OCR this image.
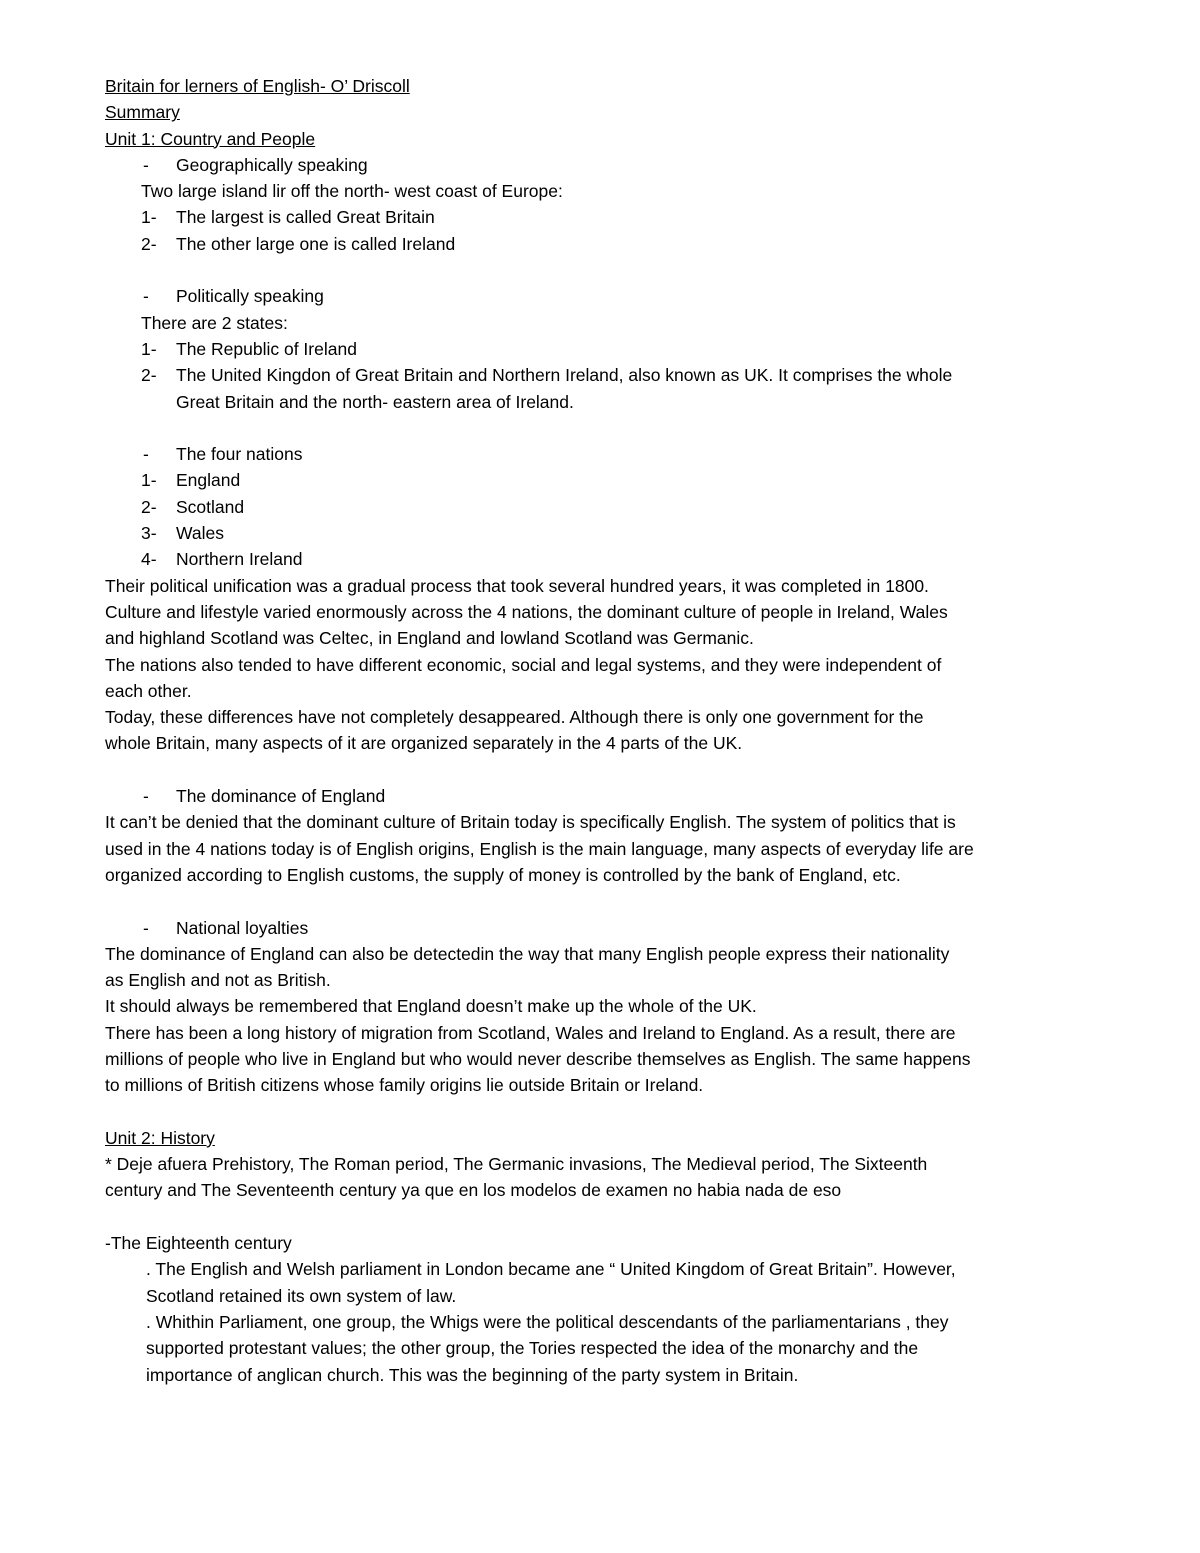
Britain for lerners of English- O’ Driscoll
Summary
Unit 1: Country and People
- Geographically speaking
Two large island lir off the north- west coast of Europe:
1- The largest is called Great Britain
2- The other large one is called Ireland
- Politically speaking
There are 2 states:
1- The Republic of Ireland
2- The United Kingdon of Great Britain and Northern Ireland, also known as UK. It comprises the whole
Great Britain and the north- eastern area of Ireland.
- The four nations
1- England
2- Scotland
3- Wales
4- Northern Ireland
Their political unification was a gradual process that took several hundred years, it was completed in 1800.
Culture and lifestyle varied enormously across the 4 nations, the dominant culture of people in Ireland, Wales
and highland Scotland was Celtec, in England and lowland Scotland was Germanic.
The nations also tended to have different economic, social and legal systems, and they were independent of
each other.
Today, these differences have not completely desappeared. Although there is only one government for the
whole Britain, many aspects of it are organized separately in the 4 parts of the UK.
- The dominance of England
It can’t be denied that the dominant culture of Britain today is specifically English. The system of politics that is
used in the 4 nations today is of English origins, English is the main language, many aspects of everyday life are
organized according to English customs, the supply of money is controlled by the bank of England, etc.
- National loyalties
The dominance of England can also be detectedin the way that many English people express their nationality
as English and not as British.
It should always be remembered that England doesn’t make up the whole of the UK.
There has been a long history of migration from Scotland, Wales and Ireland to England. As a result, there are
millions of people who live in England but who would never describe themselves as English. The same happens
to millions of British citizens whose family origins lie outside Britain or Ireland.
Unit 2: History
* Deje afuera Prehistory, The Roman period, The Germanic invasions, The Medieval period, The Sixteenth
century and The Seventeenth century ya que en los modelos de examen no habia nada de eso
-The Eighteenth century
. The English and Welsh parliament in London became ane “ United Kingdom of Great Britain”. However,
Scotland retained its own system of law.
. Whithin Parliament, one group, the Whigs were the political descendants of the parliamentarians , they
supported protestant values; the other group, the Tories respected the idea of the monarchy and the
importance of anglican church. This was the beginning of the party system in Britain.
